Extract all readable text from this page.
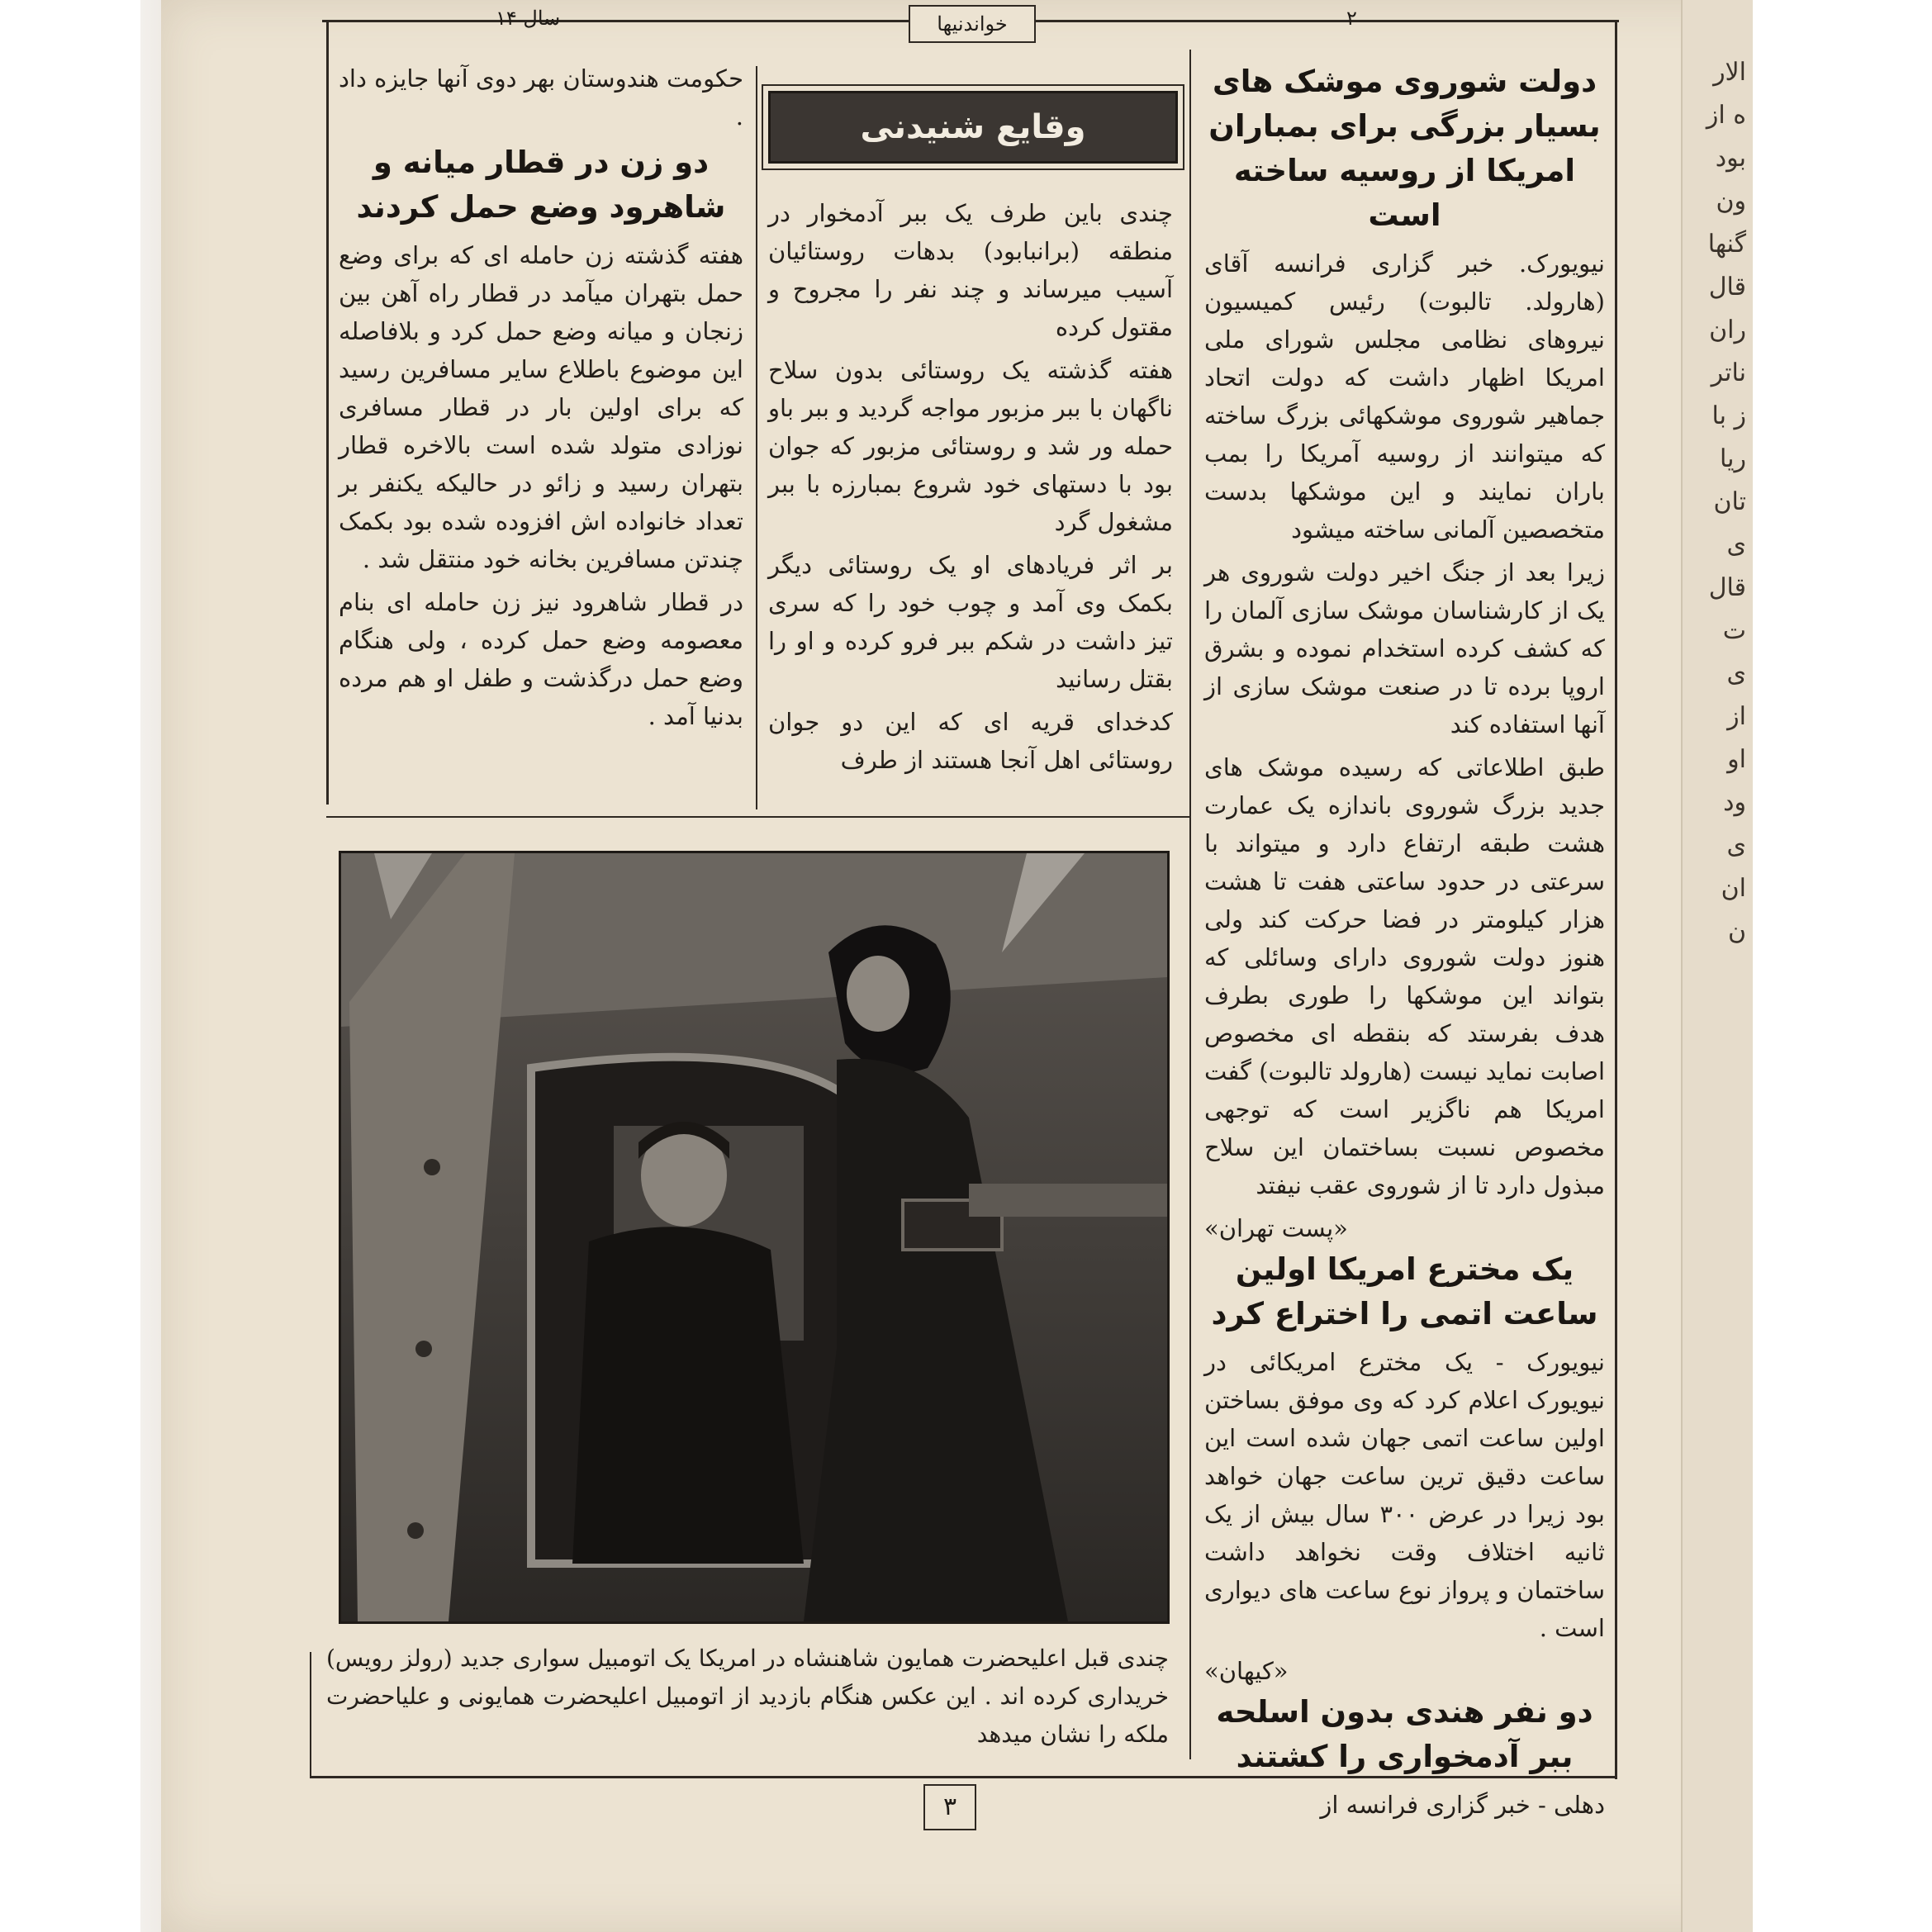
الار
ه از
بود
ون
گنها
قال
ران
ناتر
ز با
ریا
تان
ی
قال
ت
ی
از
او
ود
ی
ان
ن
سال ۱۴	خواندنیها	۲
دولت شوروی موشک های بسیار بزرگی برای بمباران امریکا از روسیه ساخته است

نیویورک. خبر گزاری فرانسه آقای (هارولد. تالبوت) رئیس کمیسیون نیروهای نظامی مجلس شورای ملی امریکا اظهار داشت که دولت اتحاد جماهیر شوروی موشکهائی بزرگ ساخته که میتوانند از روسیه آمریکا را بمب باران نمایند و این موشکها بدست متخصصین آلمانی ساخته میشود

زیرا بعد از جنگ اخیر دولت شوروی هر یک از کارشناسان موشک سازی آلمان را که کشف کرده استخدام نموده و بشرق اروپا برده تا در صنعت موشک سازی از آنها استفاده کند

طبق اطلاعاتی که رسیده موشک های جدید بزرگ شوروی باندازه یک عمارت هشت طبقه ارتفاع دارد و میتواند با سرعتی در حدود ساعتی هفت تا هشت هزار کیلومتر در فضا حرکت کند ولی هنوز دولت شوروی دارای وسائلی که بتواند این موشکها را طوری بطرف هدف بفرستد که بنقطه ای مخصوص اصابت نماید نیست (هارولد تالبوت) گفت امریکا هم ناگزیر است که توجهی مخصوص نسبت بساختمان این سلاح مبذول دارد تا از شوروی عقب نیفتد

«پست تهران»
یک مخترع امریکا اولین ساعت اتمی را اختراع کرد

نیویورک - یک مخترع امریکائی در نیویورک اعلام کرد که وی موفق بساختن اولین ساعت اتمی جهان شده است این ساعت دقیق ترین ساعت جهان خواهد بود زیرا در عرض ۳۰۰ سال بیش از یک ثانیه اختلاف وقت نخواهد داشت ساختمان و پرواز نوع ساعت های دیواری است .

«کیهان»
دو نفر هندی بدون اسلحه ببر آدمخواری را کشتند

دهلی - خبر گزاری فرانسه از

وقایع شنیدنی

چندی باین طرف یک ببر آدمخوار در منطقه (برانبابود) بدهات روستائیان آسیب میرساند و چند نفر را مجروح و مقتول کرده

هفته گذشته یک روستائی بدون سلاح ناگهان با ببر مزبور مواجه گردید و ببر باو حمله ور شد و روستائی مزبور که جوان بود با دستهای خود شروع بمبارزه با ببر مشغول گرد

بر اثر فریادهای او یک روستائی دیگر بکمک وی آمد و چوب خود را که سری تیز داشت در شکم ببر فرو کرده و او را بقتل رسانید

کدخدای قریه ای که این دو جوان روستائی اهل آنجا هستند از طرف

حکومت هندوستان بهر دوی آنها جایزه داد .

دو زن در قطار میانه و شاهرود وضع حمل کردند

هفته گذشته زن حامله ای که برای وضع حمل بتهران میآمد در قطار راه آهن بین زنجان و میانه وضع حمل کرد و بلافاصله این موضوع باطلاع سایر مسافرین رسید که برای اولین بار در قطار مسافری نوزادی متولد شده است بالاخره قطار بتهران رسید و زائو در حالیکه یکنفر بر تعداد خانواده اش افزوده شده بود بکمک چندتن مسافرین بخانه خود منتقل شد .

در قطار شاهرود نیز زن حامله ای بنام معصومه وضع حمل کرده ، ولی هنگام وضع حمل درگذشت و طفل او هم مرده بدنیا آمد .

چندی قبل اعلیحضرت همایون شاهنشاه در امریکا یک اتومبیل سواری جدید (رولز رویس) خریداری کرده اند . این عکس هنگام بازدید از اتومبیل اعلیحضرت همایونی و علیاحضرت ملکه را نشان میدهد
۳
